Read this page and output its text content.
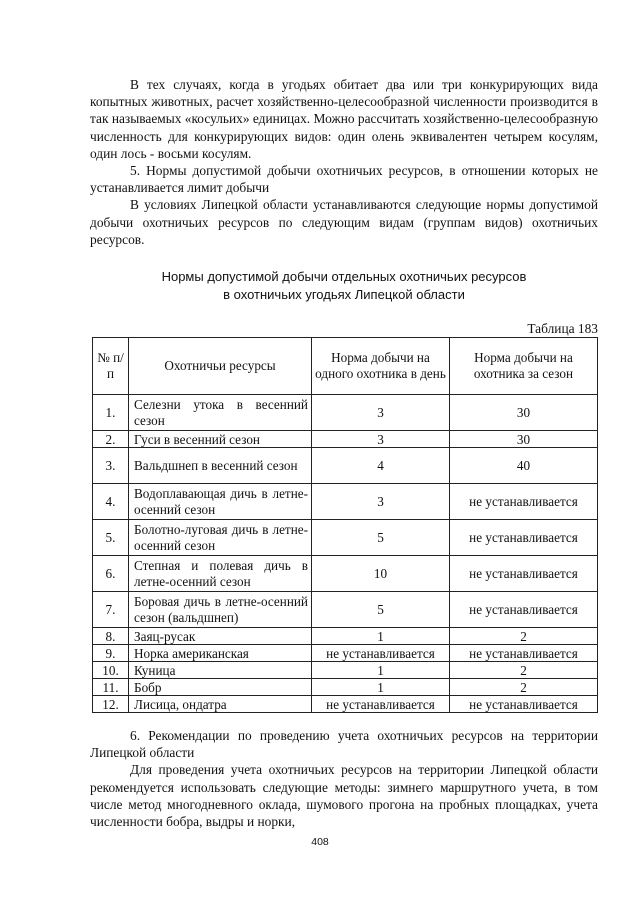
В тех случаях, когда в угодьях обитает два или три конкурирующих вида копытных животных, расчет хозяйственно-целесообразной численности производится в так называемых «косульих» единицах. Можно рассчитать хозяйственно-целесообразную численность для конкурирующих видов: один олень эквивалентен четырем косулям, один лось - восьми косулям.

5. Нормы допустимой добычи охотничьих ресурсов, в отношении которых не устанавливается лимит добычи

В условиях Липецкой области устанавливаются следующие нормы допустимой добычи охотничьих ресурсов по следующим видам (группам видов) охотничьих ресурсов.

Нормы допустимой добычи отдельных охотничьих ресурсов
в охотничьих угодьях Липецкой области
Таблица 183
№ п/п	Охотничьи ресурсы	Норма добычи на одного охотника в день	Норма добычи на охотника за сезон
1.	Селезни утока в весенний сезон	3	30
2.	Гуси в весенний сезон	3	30
3.	Вальдшнеп в весенний сезон	4	40
4.	Водоплавающая дичь в летне-осенний сезон	3	не устанавливается
5.	Болотно-луговая дичь в летне-осенний сезон	5	не устанавливается
6.	Степная и полевая дичь в летне-осенний сезон	10	не устанавливается
7.	Боровая дичь в летне-осенний сезон (вальдшнеп)	5	не устанавливается
8.	Заяц-русак	1	2
9.	Норка американская	не устанавливается	не устанавливается
10.	Куница	1	2
11.	Бобр	1	2
12.	Лисица, ондатра	не устанавливается	не устанавливается

6. Рекомендации по проведению учета охотничьих ресурсов на территории Липецкой области

Для проведения учета охотничьих ресурсов на территории Липецкой области рекомендуется использовать следующие методы: зимнего маршрутного учета, в том числе метод многодневного оклада, шумового прогона на пробных площадках, учета численности бобра, выдры и норки,

408
